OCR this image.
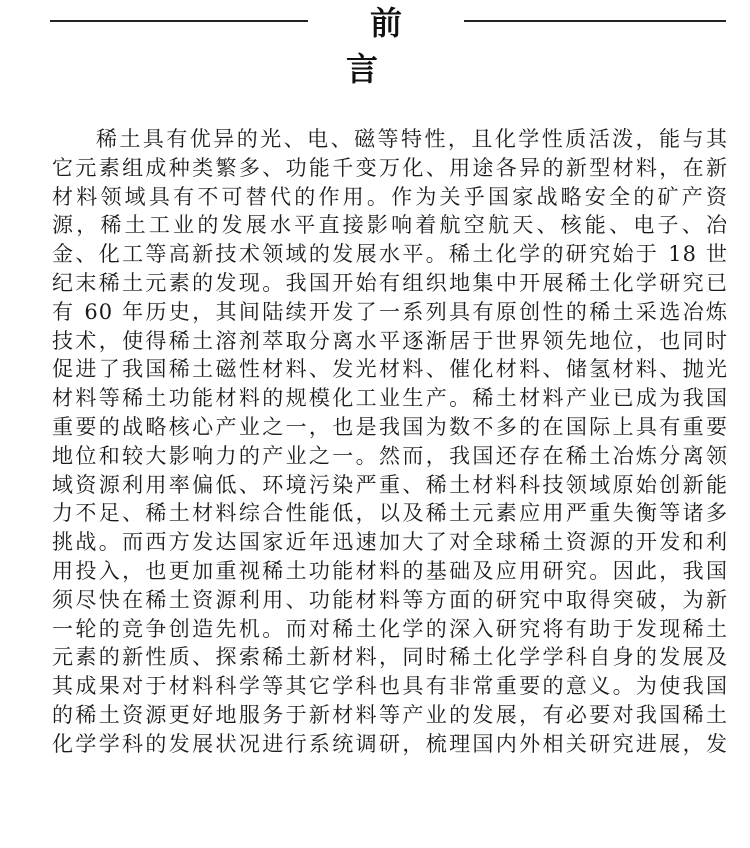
前　言
稀土具有优异的光、电、磁等特性，且化学性质活泼，能与其
它元素组成种类繁多、功能千变万化、用途各异的新型材料，在新
材料领域具有不可替代的作用。作为关乎国家战略安全的矿产资
源，稀土工业的发展水平直接影响着航空航天、核能、电子、冶
金、化工等高新技术领域的发展水平。稀土化学的研究始于 18 世
纪末稀土元素的发现。我国开始有组织地集中开展稀土化学研究已
有 60 年历史，其间陆续开发了一系列具有原创性的稀土采选冶炼
技术，使得稀土溶剂萃取分离水平逐渐居于世界领先地位，也同时
促进了我国稀土磁性材料、发光材料、催化材料、储氢材料、抛光
材料等稀土功能材料的规模化工业生产。稀土材料产业已成为我国
重要的战略核心产业之一，也是我国为数不多的在国际上具有重要
地位和较大影响力的产业之一。然而，我国还存在稀土冶炼分离领
域资源利用率偏低、环境污染严重、稀土材料科技领域原始创新能
力不足、稀土材料综合性能低，以及稀土元素应用严重失衡等诸多
挑战。而西方发达国家近年迅速加大了对全球稀土资源的开发和利
用投入，也更加重视稀土功能材料的基础及应用研究。因此，我国
须尽快在稀土资源利用、功能材料等方面的研究中取得突破，为新
一轮的竞争创造先机。而对稀土化学的深入研究将有助于发现稀土
元素的新性质、探索稀土新材料，同时稀土化学学科自身的发展及
其成果对于材料科学等其它学科也具有非常重要的意义。为使我国
的稀土资源更好地服务于新材料等产业的发展，有必要对我国稀土
化学学科的发展状况进行系统调研，梳理国内外相关研究进展，发
